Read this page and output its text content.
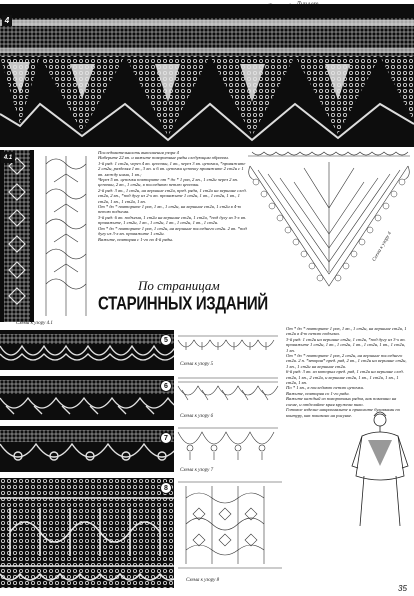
4
4.1
Схема к узору 4.1
Последовательность выполнения узора 4
Наберите 22 вп. и вяжите поворотные ряды следующим образом.
1-й ряд: 1 ст2н, через 4 вп. цепочки, 1 вп., через 3 вп. цепочки, *провяжите 2 ст2н, разделяя 1 вп., 3 вп. и 6 вп. цепочки цепочку провяжите 2 ст2н с 1 вп. между ними, 1 вп.;
Через 5 вп. цепочки повторите от * до * 1 раз, 2 вп., 1 ст2н через 2 вп. цепочки, 2 вп., 1 ст2н, в последнюю петлю цепочки.
2-й ряд: 3 вп., 1 ст2н, на вершине ст2н, пред. ряда, 1 ст2н на вершине след. ст2н, 2 вп., *под дугу из 2-х вп. провяжите 1 ст2н, 1 вп., 1 ст2н, 1 вп., 1 ст2н, 1 вп., 1 ст2н, 1 вп.
От * до * повторите 1 раз, 1 вп., 1 ст2н, на вершине ст2н, 1 ст2н в 4-ю петлю подъема.
3-й ряд: 6 вп. подъема, 1 ст2н на вершине ст2н, 1 ст2н, *под дугу из 3-х вп. провяжите, 1 ст2н, 1 вп., 1 ст2н, 1 вп., 1 ст2н, 1 вп., 1 ст2н.
От * до * повторите 1 раз, 1 ст2н, на вершине последнего ст2н. 2 вп. *под дугу из 3-х вп. провяжите 1 ст2н.
Вяжите, повторяя с 1-го по 4-й ряды.	Схема к узору 4
По страницам
СТАРИННЫХ ИЗДАНИЙ
5
6
7
8
Схема к узору 5
Схема к узору 6
Схема к узору 7
Схема к узору 8
От * до * повторите 1 раз, 1 вп., 1 ст2н, на вершине ст2н, 1 ст2н в 4-ю петлю подъема.
3-й ряд: 1 ст2н на вершине ст2н, 1 ст2н, *под дугу из 3-х вп. провяжите 1 ст2н, 1 вп., 1 ст2н, 1 вп., 1 ст2н, 1 вп., 1 ст2н, 1 вп.
От * до * повторите 1 раз, 2 ст2н, на вершине последнего ст2н. 2 п. *вторая* пред. ряд, 2 вп., 1 ст2н на вершине ст2н, 1 вп., 1 ст2н на вершине ст2н.
6-й ряд: 3 вп. из которых пред. ряд, 1 ст2н на вершине след. ст2н, 1 вп., 2 ст2н, и вершине ст2н, 1 вп., 1 ст2н, 1 вп., 1 ст2н, 1 вп.
По * 1 вп., в последнюю петлю цепочки.
Вяжите, повторяя со 1-го ряда.
Вяжите каждый из поворотных рядов, как показано на схеме, и отделайте края кружева пико.
Готовое изделие накрахмалите и приколите булавками по контуру, как показано на рисунке.
35
